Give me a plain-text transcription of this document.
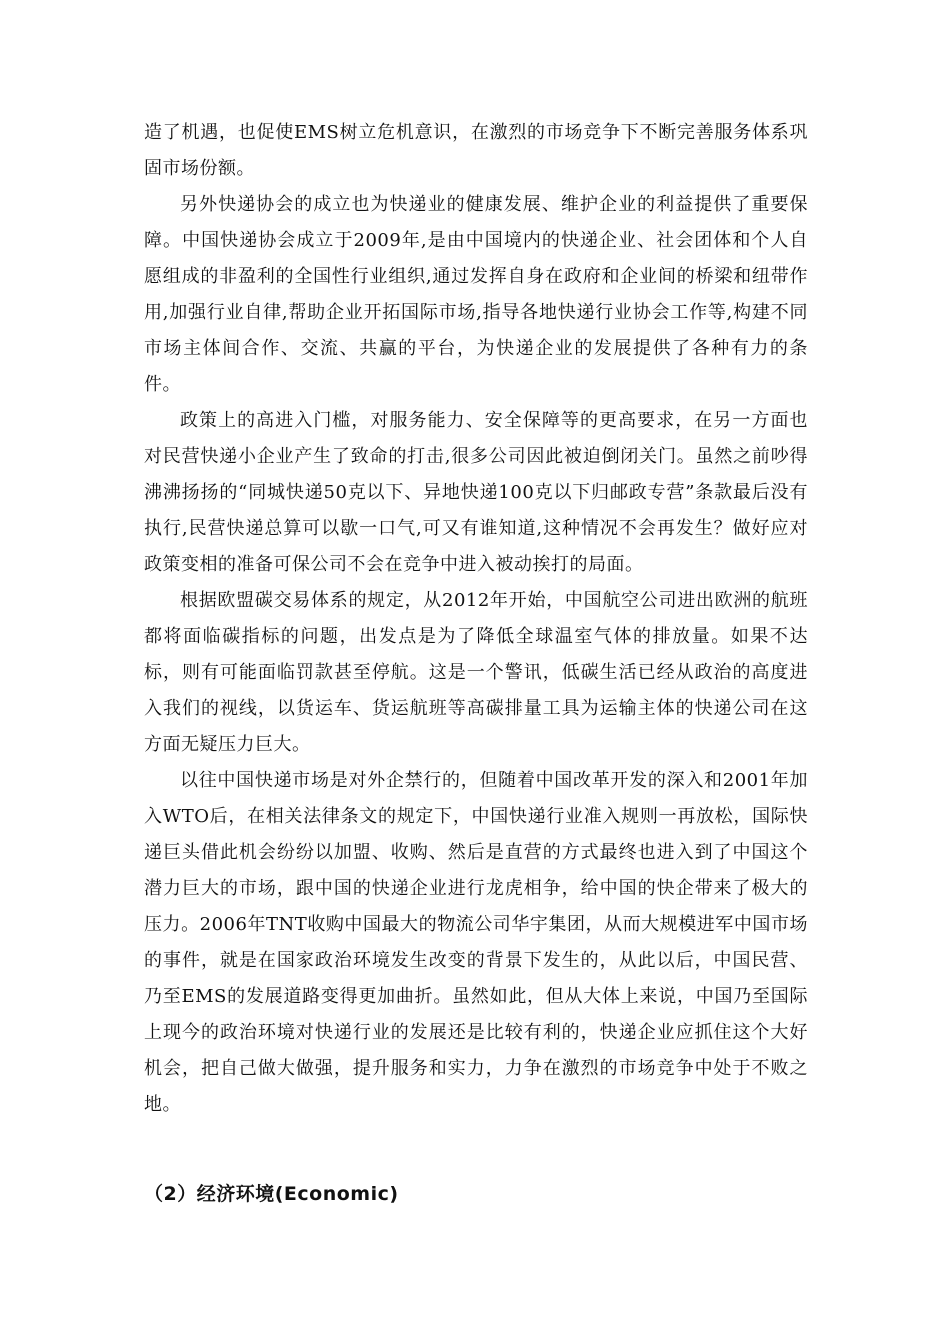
造了机遇，也促使EMS树立危机意识，在激烈的市场竞争下不断完善服务体系巩固市场份额。

另外快递协会的成立也为快递业的健康发展、维护企业的利益提供了重要保障。中国快递协会成立于2009年,是由中国境内的快递企业、社会团体和个人自愿组成的非盈利的全国性行业组织,通过发挥自身在政府和企业间的桥梁和纽带作用,加强行业自律,帮助企业开拓国际市场,指导各地快递行业协会工作等,构建不同市场主体间合作、交流、共赢的平台，为快递企业的发展提供了各种有力的条件。

政策上的高进入门槛，对服务能力、安全保障等的更高要求，在另一方面也对民营快递小企业产生了致命的打击,很多公司因此被迫倒闭关门。虽然之前吵得沸沸扬扬的“同城快递50克以下、异地快递100克以下归邮政专营”条款最后没有执行,民营快递总算可以歇一口气,可又有谁知道,这种情况不会再发生？做好应对政策变相的准备可保公司不会在竞争中进入被动挨打的局面。

根据欧盟碳交易体系的规定，从2012年开始，中国航空公司进出欧洲的航班都将面临碳指标的问题，出发点是为了降低全球温室气体的排放量。如果不达标，则有可能面临罚款甚至停航。这是一个警讯，低碳生活已经从政治的高度进入我们的视线，以货运车、货运航班等高碳排量工具为运输主体的快递公司在这方面无疑压力巨大。

以往中国快递市场是对外企禁行的，但随着中国改革开发的深入和2001年加入WTO后，在相关法律条文的规定下，中国快递行业准入规则一再放松，国际快递巨头借此机会纷纷以加盟、收购、然后是直营的方式最终也进入到了中国这个潜力巨大的市场，跟中国的快递企业进行龙虎相争，给中国的快企带来了极大的压力。2006年TNT收购中国最大的物流公司华宇集团，从而大规模进军中国市场的事件，就是在国家政治环境发生改变的背景下发生的，从此以后，中国民营、乃至EMS的发展道路变得更加曲折。虽然如此，但从大体上来说，中国乃至国际上现今的政治环境对快递行业的发展还是比较有利的，快递企业应抓住这个大好机会，把自己做大做强，提升服务和实力，力争在激烈的市场竞争中处于不败之地。

（2）经济环境(Economic)
